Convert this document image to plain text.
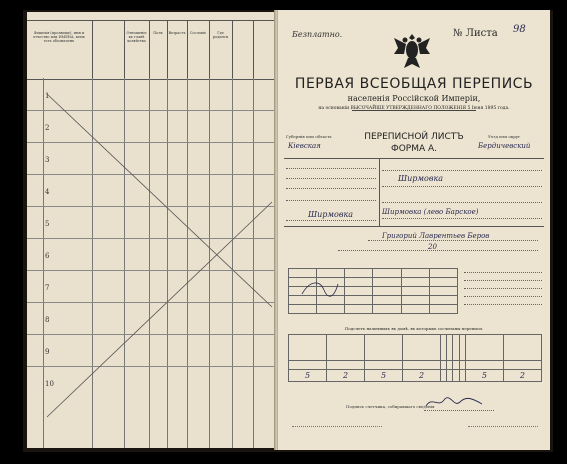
Фамилiя (прозвище), имя и отчество или ИМЕНА, кемъ есть обозначенъ
Отношенiе къ главѣ хозяйства
Полъ	Возрастъ	Сословiе	Где родился
1
2
3
4
5
6
7
8
9
10
Безплатно.	№ Листа 98
ПЕРВАЯ ВСЕОБЩАЯ ПЕРЕПИСЬ
населенiя Россiйской Имперiи,
на основанiи ВЫСОЧАЙШЕ УТВЕРЖДЕННАГО ПОЛОЖЕНIЯ 5 Iюня 1895 года.
Губернiя или область
Кiевская
Уезд или округ
Бердичевский
ПЕРЕПИСНОЙ ЛИСТЪ
ФОРМА А.
Ширмовка
Ширмовка
Ширмовка (лево Барское)
Григорий Лаврентьев Беров
20

Подсчетъ наличныхъ въ домѣ, въ которыхъ сосчитаны переписи.

5	2	5	2					5	2
Подпись счетчика, собиравшаго сведенiя
